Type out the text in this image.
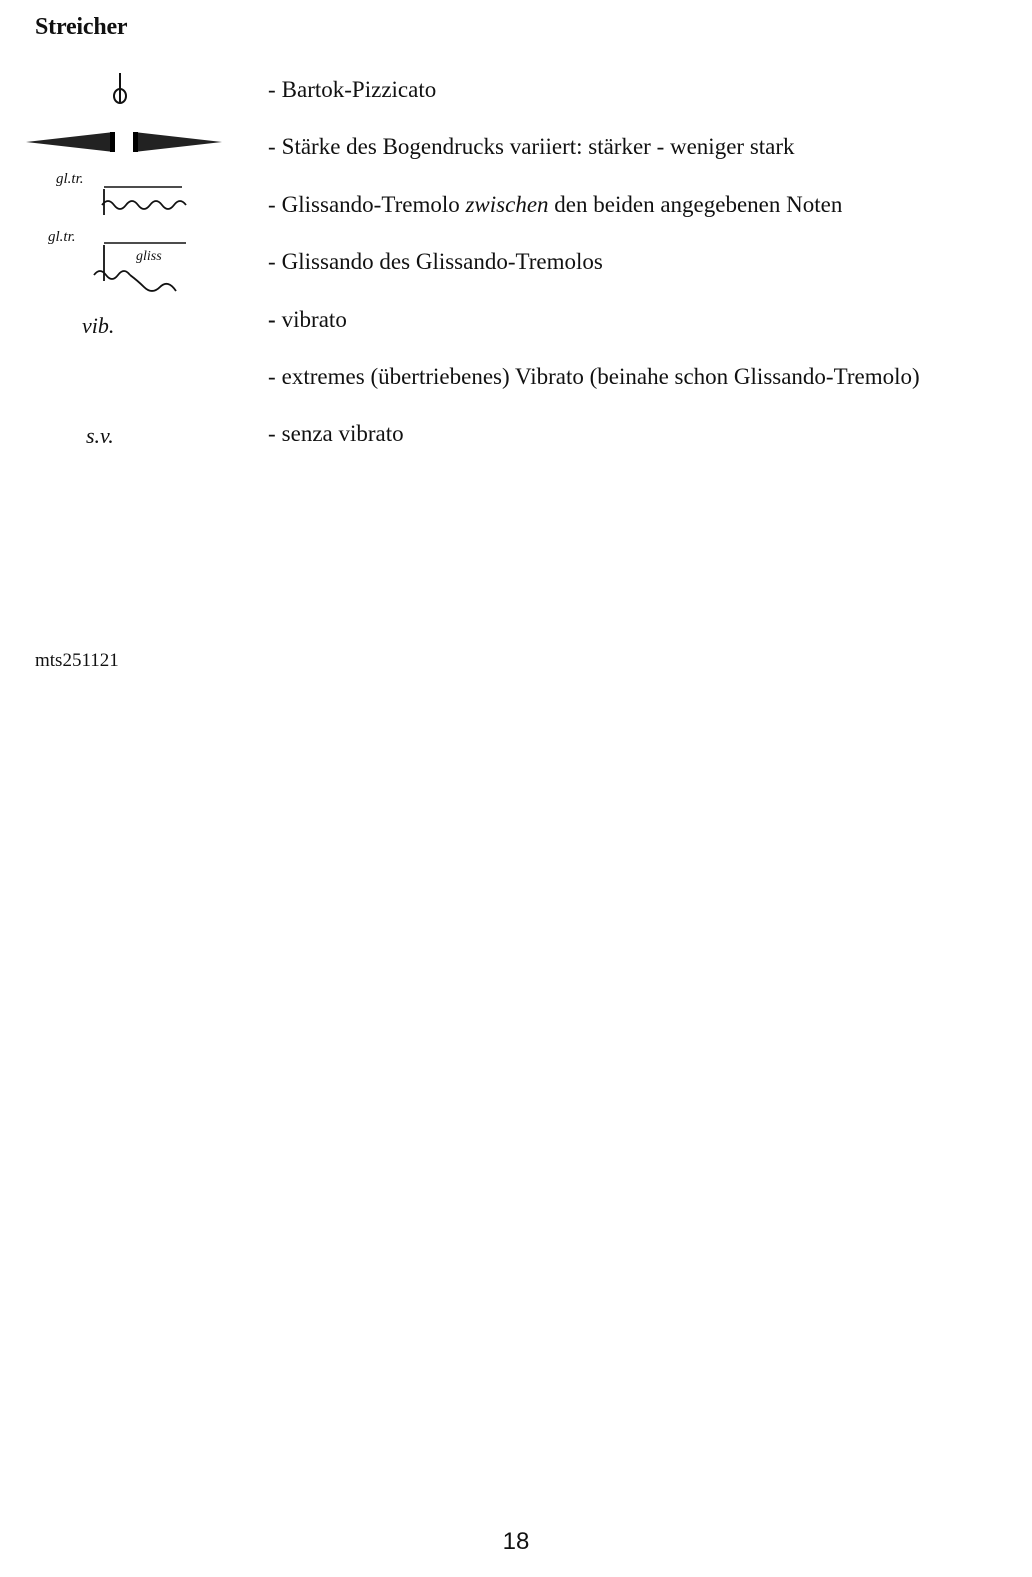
Streicher
gl.tr.
gl.tr.
gliss
vib.
s.v.
- Bartok-Pizzicato
- Stärke des Bogendrucks variiert: stärker - weniger stark
- Glissando-Tremolo zwischen den beiden angegebenen Noten
- Glissando des Glissando-Tremolos
- vibrato
- extremes (übertriebenes) Vibrato (beinahe schon Glissando-Tremolo)
- senza vibrato
mts251121
18
